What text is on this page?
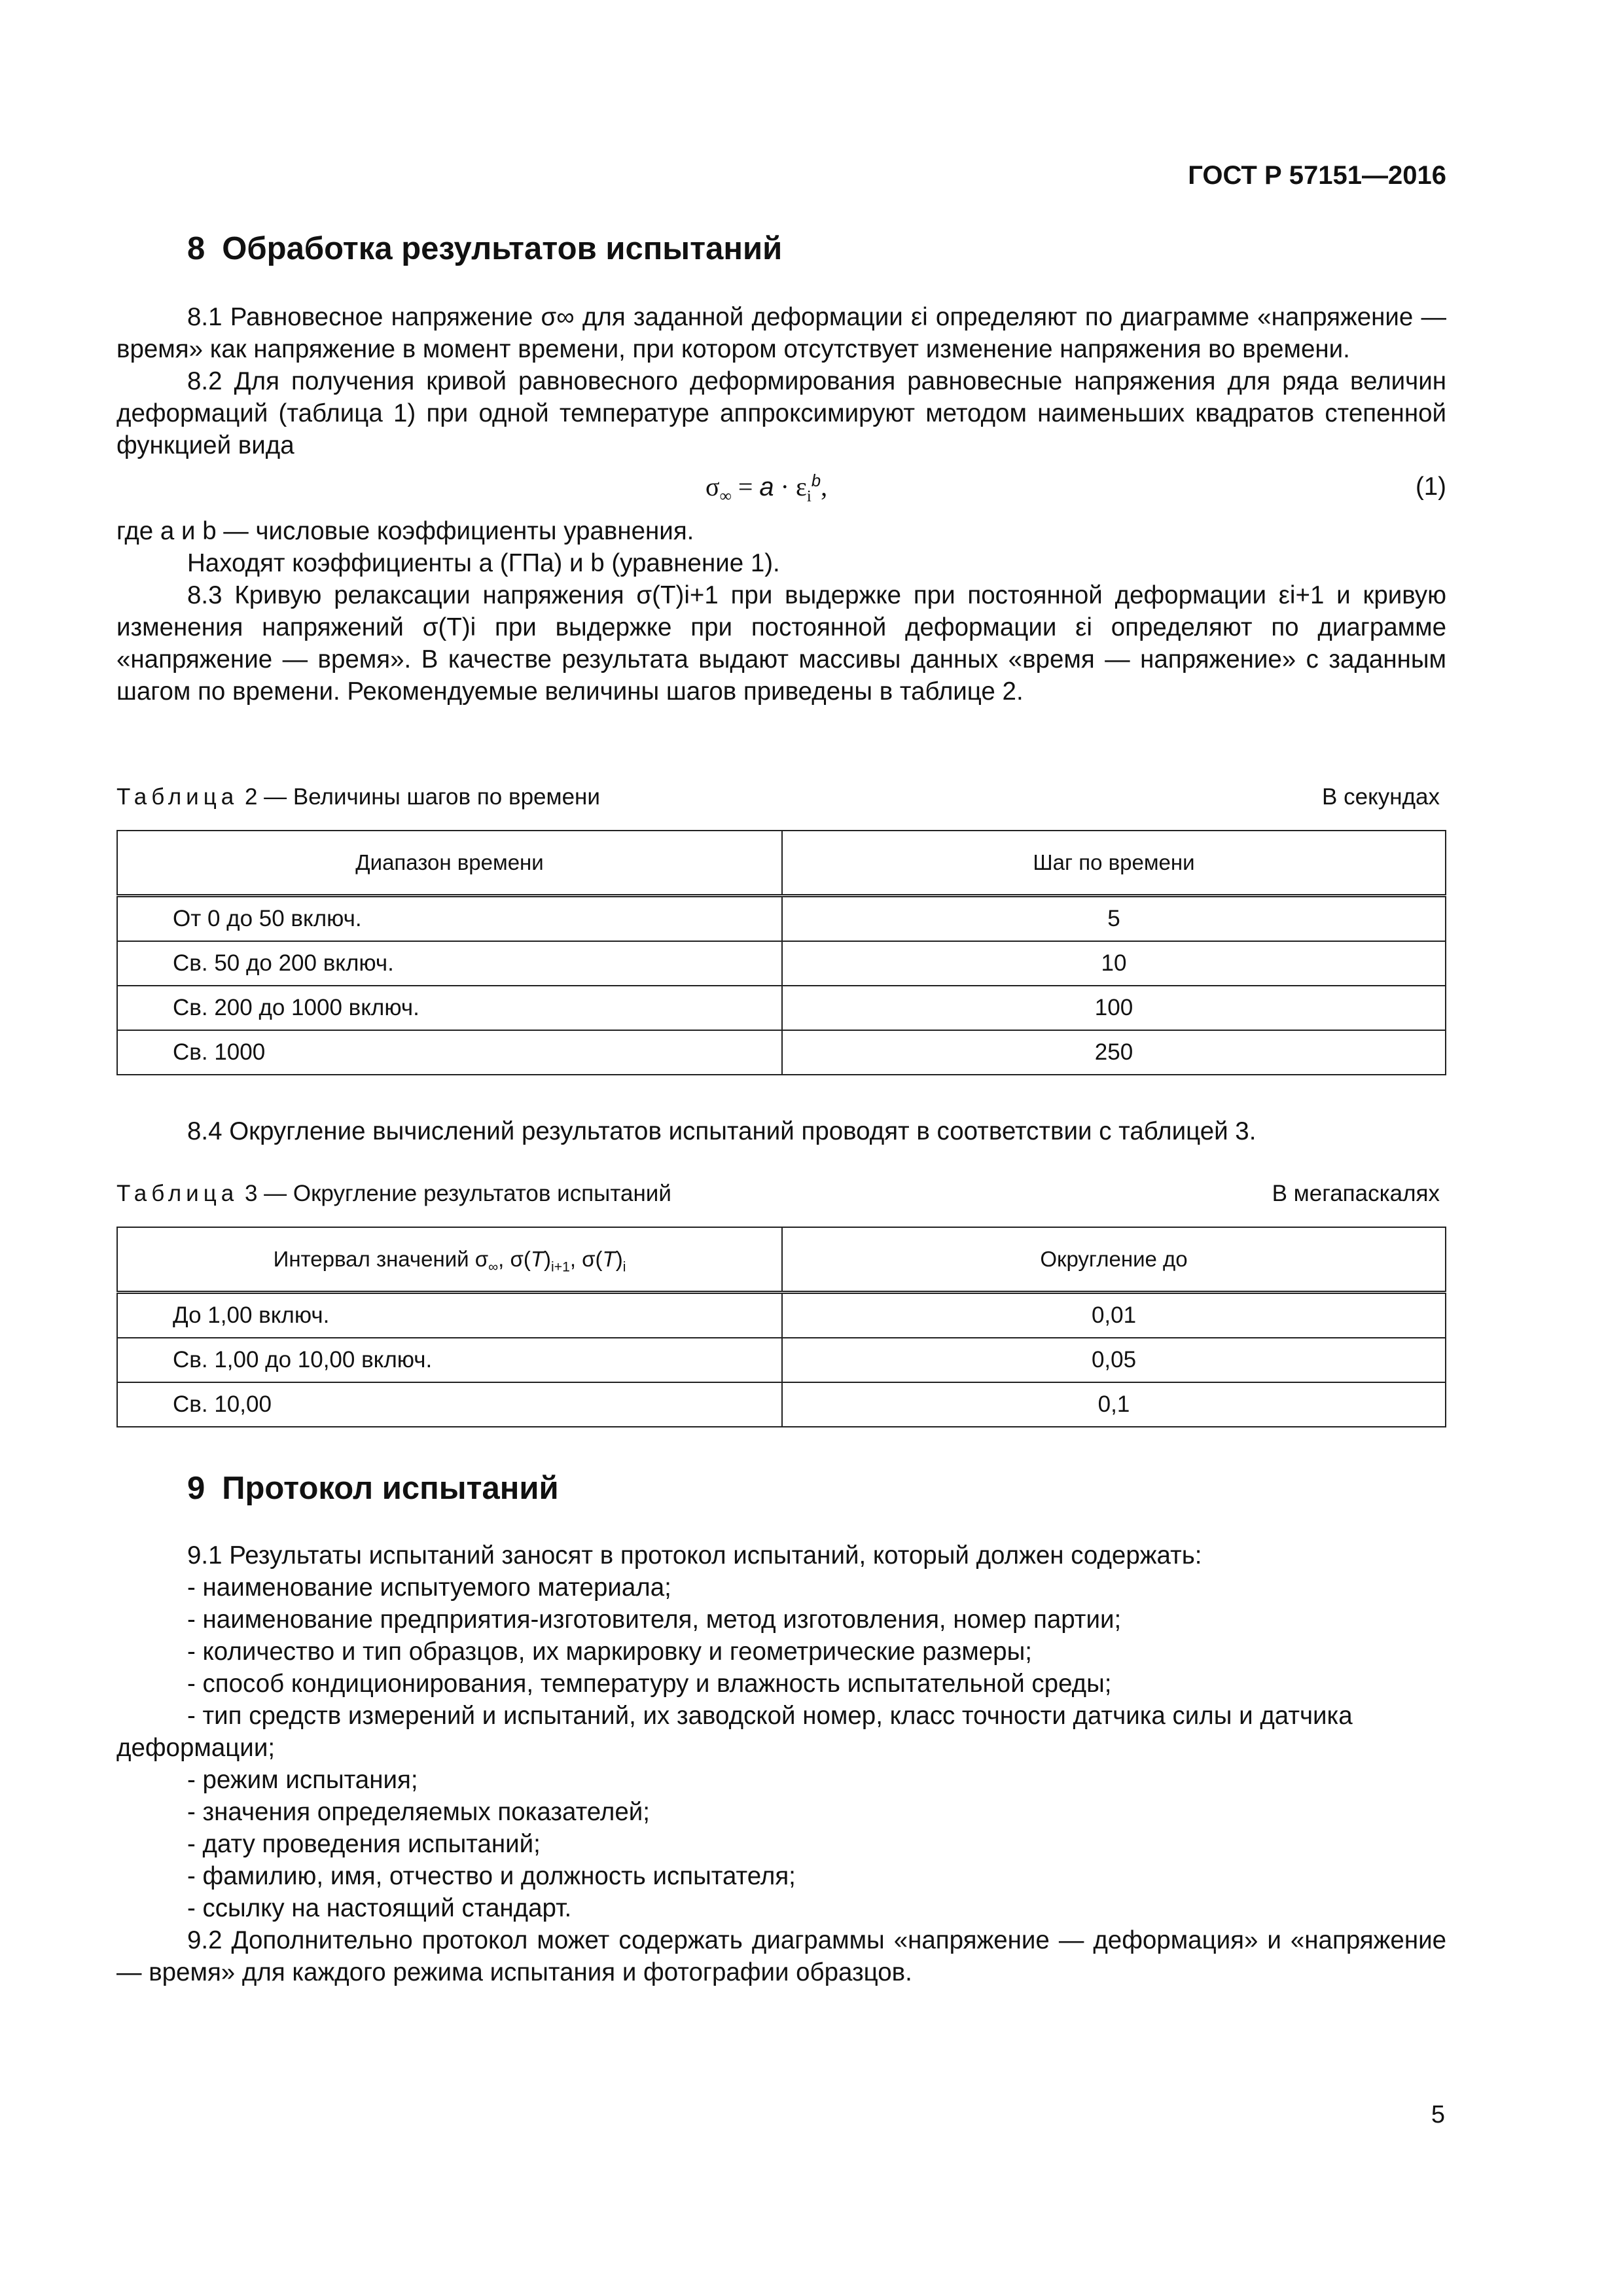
ГОСТ Р 57151—2016
8 Обработка результатов испытаний

8.1 Равновесное напряжение σ∞ для заданной деформации εi определяют по диаграмме «напряжение — время» как напряжение в момент времени, при котором отсутствует изменение напряжения во времени.

8.2 Для получения кривой равновесного деформирования равновесные напряжения для ряда величин деформаций (таблица 1) при одной температуре аппроксимируют методом наименьших квадратов степенной функцией вида

$\sigma_\infty = a \cdot \varepsilon_i^b$,	(1)

где a и b — числовые коэффициенты уравнения.

Находят коэффициенты a (ГПа) и b (уравнение 1).

8.3 Кривую релаксации напряжения σ(T)i+1 при выдержке при постоянной деформации εi+1 и кривую изменения напряжений σ(T)i при выдержке при постоянной деформации εi определяют по диаграмме «напряжение — время». В качестве результата выдают массивы данных «время — напряжение» с заданным шагом по времени. Рекомендуемые величины шагов приведены в таблице 2.

Таблица 2 — Величины шагов по времени	В секундах
Диапазон времени	Шаг по времени
От 0 до 50 включ.	5
Св. 50 до 200 включ.	10
Св. 200 до 1000 включ.	100
Св. 1000	250

8.4 Округление вычислений результатов испытаний проводят в соответствии с таблицей 3.

Таблица 3 — Округление результатов испытаний	В мегапаскалях
Интервал значений $\sigma_\infty$, $\sigma(T)_{i+1}$, $\sigma(T)_i$	Округление до
До 1,00 включ.	0,01
Св. 1,00 до 10,00 включ.	0,05
Св. 10,00	0,1
9 Протокол испытаний

9.1 Результаты испытаний заносят в протокол испытаний, который должен содержать:

- наименование испытуемого материала;
- наименование предприятия-изготовителя, метод изготовления, номер партии;
- количество и тип образцов, их маркировку и геометрические размеры;
- способ кондиционирования, температуру и влажность испытательной среды;
- тип средств измерений и испытаний, их заводской номер, класс точности датчика силы и датчика деформации;
- режим испытания;
- значения определяемых показателей;
- дату проведения испытаний;
- фамилию, имя, отчество и должность испытателя;
- ссылку на настоящий стандарт.

9.2 Дополнительно протокол может содержать диаграммы «напряжение — деформация» и «напряжение — время» для каждого режима испытания и фотографии образцов.

5
